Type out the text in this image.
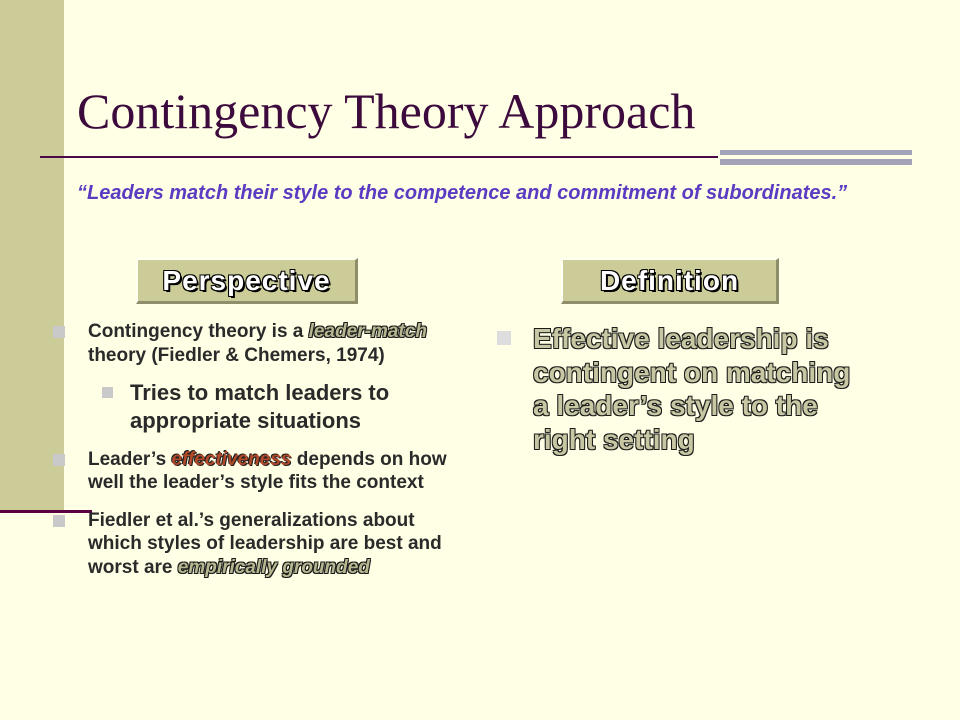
Contingency Theory Approach
“Leaders match their style to the competence and commitment of subordinates.”
Perspective	Definition
Contingency theory is a leader-match theory (Fiedler & Chemers, 1974)
Tries to match leaders to appropriate situations
Leader’s effectiveness depends on how well the leader’s style fits the context
Fiedler et al.’s generalizations about which styles of leadership are best and worst are empirically grounded
Effective leadership is contingent on matching a leader’s style to the right setting
